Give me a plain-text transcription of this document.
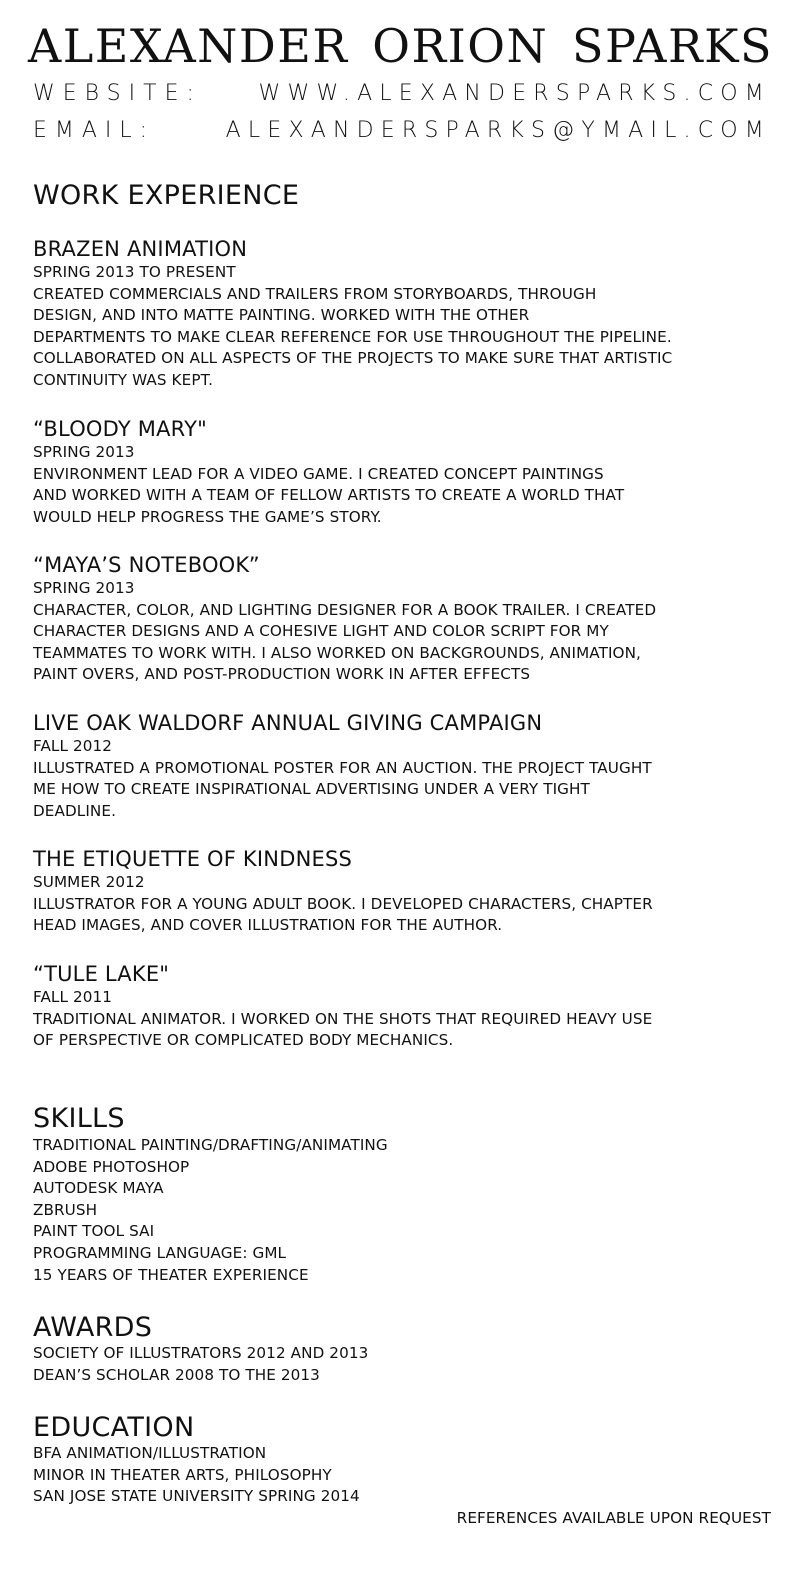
ALEXANDER ORION SPARKS
WEBSITE:	WWW.ALEXANDERSPARKS.COM
EMAIL:	ALEXANDERSPARKS@YMAIL.COM
WORK EXPERIENCE
BRAZEN ANIMATION
SPRING 2013 TO PRESENT
CREATED COMMERCIALS AND TRAILERS FROM STORYBOARDS, THROUGH
DESIGN, AND INTO MATTE PAINTING. WORKED WITH THE OTHER
DEPARTMENTS TO MAKE CLEAR REFERENCE FOR USE THROUGHOUT THE PIPELINE.
COLLABORATED ON ALL ASPECTS OF THE PROJECTS TO MAKE SURE THAT ARTISTIC
CONTINUITY WAS KEPT.
“BLOODY MARY"
SPRING 2013
ENVIRONMENT LEAD FOR A VIDEO GAME. I CREATED CONCEPT PAINTINGS
AND WORKED WITH A TEAM OF FELLOW ARTISTS TO CREATE A WORLD THAT
WOULD HELP PROGRESS THE GAME’S STORY.
“MAYA’S NOTEBOOK”
SPRING 2013
CHARACTER, COLOR, AND LIGHTING DESIGNER FOR A BOOK TRAILER. I CREATED
CHARACTER DESIGNS AND A COHESIVE LIGHT AND COLOR SCRIPT FOR MY
TEAMMATES TO WORK WITH. I ALSO WORKED ON BACKGROUNDS, ANIMATION,
PAINT OVERS, AND POST-PRODUCTION WORK IN AFTER EFFECTS
LIVE OAK WALDORF ANNUAL GIVING CAMPAIGN
FALL 2012
ILLUSTRATED A PROMOTIONAL POSTER FOR AN AUCTION. THE PROJECT TAUGHT
ME HOW TO CREATE INSPIRATIONAL ADVERTISING UNDER A VERY TIGHT
DEADLINE.
THE ETIQUETTE OF KINDNESS
SUMMER 2012
ILLUSTRATOR FOR A YOUNG ADULT BOOK. I DEVELOPED CHARACTERS, CHAPTER
HEAD IMAGES, AND COVER ILLUSTRATION FOR THE AUTHOR.
“TULE LAKE"
FALL 2011
TRADITIONAL ANIMATOR. I WORKED ON THE SHOTS THAT REQUIRED HEAVY USE
OF PERSPECTIVE OR COMPLICATED BODY MECHANICS.
SKILLS
TRADITIONAL PAINTING/DRAFTING/ANIMATING
ADOBE PHOTOSHOP
AUTODESK MAYA
ZBRUSH
PAINT TOOL SAI
PROGRAMMING LANGUAGE: GML
15 YEARS OF THEATER EXPERIENCE
AWARDS
SOCIETY OF ILLUSTRATORS 2012 AND 2013
DEAN’S SCHOLAR 2008 TO THE 2013
EDUCATION
BFA ANIMATION/ILLUSTRATION
MINOR IN THEATER ARTS, PHILOSOPHY
SAN JOSE STATE UNIVERSITY SPRING 2014
REFERENCES AVAILABLE UPON REQUEST
